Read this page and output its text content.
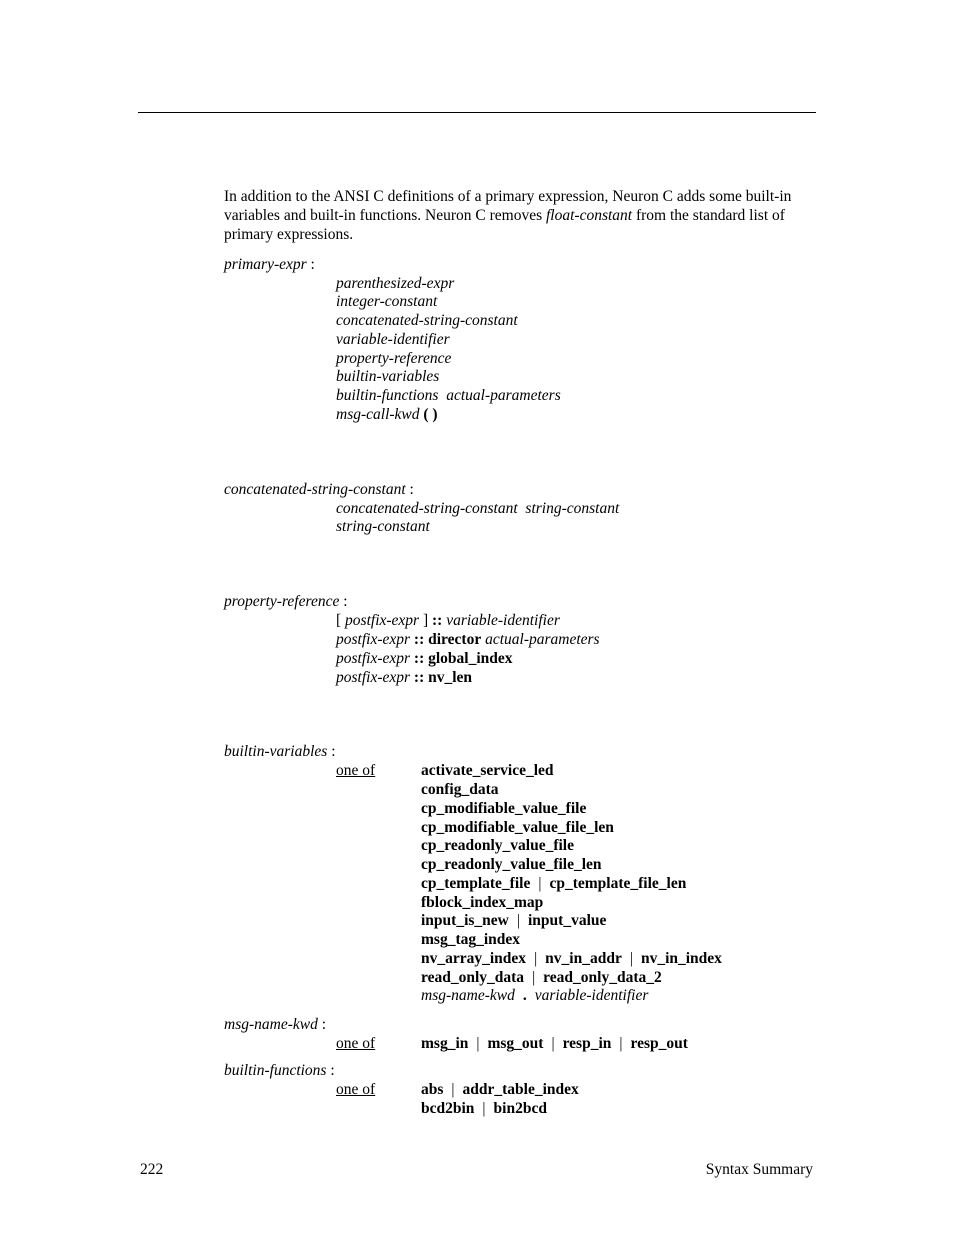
In addition to the ANSI C definitions of a primary expression, Neuron C adds some built-in variables and built-in functions. Neuron C removes float-constant from the standard list of primary expressions.
primary-expr :
parenthesized-expr
integer-constant
concatenated-string-constant
variable-identifier
property-reference
builtin-variables
builtin-functions actual-parameters
msg-call-kwd ( )
concatenated-string-constant :
concatenated-string-constant string-constant
string-constant
property-reference :
[ postfix-expr ] :: variable-identifier
postfix-expr :: director actual-parameters
postfix-expr :: global_index
postfix-expr :: nv_len
builtin-variables :
one of	activate_service_led
config_data
cp_modifiable_value_file
cp_modifiable_value_file_len
cp_readonly_value_file
cp_readonly_value_file_len
cp_template_file | cp_template_file_len
fblock_index_map
input_is_new | input_value
msg_tag_index
nv_array_index | nv_in_addr | nv_in_index
read_only_data | read_only_data_2
msg-name-kwd . variable-identifier
msg-name-kwd :
one of	msg_in | msg_out | resp_in | resp_out
builtin-functions :
one of	abs | addr_table_index
bcd2bin | bin2bcd
222	Syntax Summary
